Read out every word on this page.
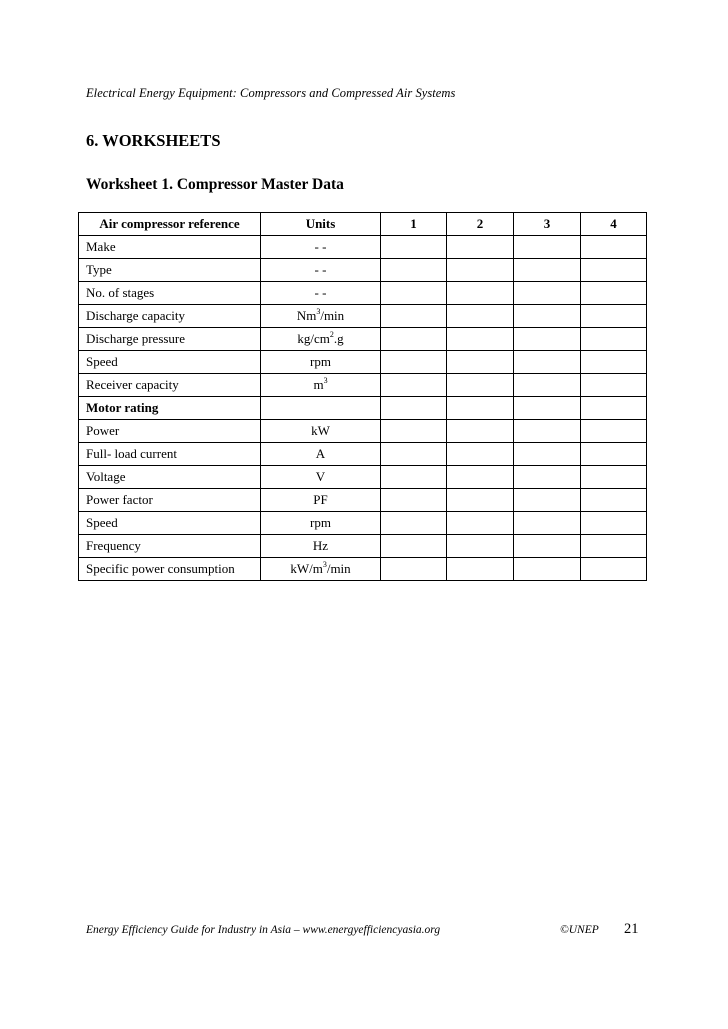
Electrical Energy Equipment: Compressors and Compressed Air Systems
6. WORKSHEETS
Worksheet 1. Compressor Master Data
Air compressor reference	Units	1	2	3	4
Make	- -				
Type	- -				
No. of stages	- -				
Discharge capacity	Nm$^3$/min				
Discharge pressure	$kg/cm^2.g$				
Speed	rpm				
Receiver capacity	$m^3$				
Motor rating					
Power	kW				
Full- load current	A				
Voltage	V				
Power factor	PF				
Speed	rpm				
Frequency	Hz				
Specific power consumption	$kW/m^3/\min$				
Energy Efficiency Guide for Industry in Asia – www.energyefficiencyasia.org	©UNEP 21
